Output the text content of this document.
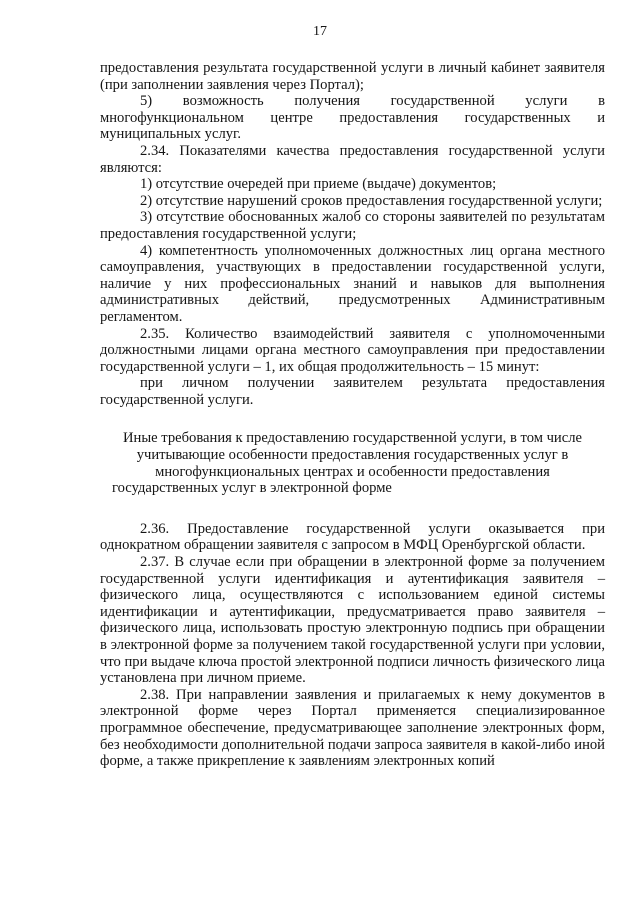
17

предоставления результата государственной услуги в личный кабинет заявителя (при заполнении заявления через Портал);

5) возможность получения государственной услуги в многофункциональном центре предоставления государственных и муниципальных услуг.

2.34. Показателями качества предоставления государственной услуги являются:

1) отсутствие очередей при приеме (выдаче) документов;

2) отсутствие нарушений сроков предоставления государственной услуги;

3) отсутствие обоснованных жалоб со стороны заявителей по результатам предоставления государственной услуги;

4) компетентность уполномоченных должностных лиц органа местного самоуправления, участвующих в предоставлении государственной услуги, наличие у них профессиональных знаний и навыков для выполнения административных действий, предусмотренных Административным регламентом.

2.35. Количество взаимодействий заявителя с уполномоченными должностными лицами органа местного самоуправления при предоставлении государственной услуги – 1, их общая продолжительность – 15 минут:

при личном получении заявителем результата предоставления государственной услуги.

Иные требования к предоставлению государственной услуги, в том числе учитывающие особенности предоставления государственных услуг в многофункциональных центрах и особенности предоставления государственных услуг в электронной форме

2.36. Предоставление государственной услуги оказывается при однократном обращении заявителя с запросом в МФЦ Оренбургской области.

2.37. В случае если при обращении в электронной форме за получением государственной услуги идентификация и аутентификация заявителя – физического лица, осуществляются с использованием единой системы идентификации и аутентификации, предусматривается право заявителя – физического лица, использовать простую электронную подпись при обращении в электронной форме за получением такой государственной услуги при условии, что при выдаче ключа простой электронной подписи личность физического лица установлена при личном приеме.

2.38. При направлении заявления и прилагаемых к нему документов в электронной форме через Портал применяется специализированное программное обеспечение, предусматривающее заполнение электронных форм, без необходимости дополнительной подачи запроса заявителя в какой-либо иной форме, а также прикрепление к заявлениям электронных копий
